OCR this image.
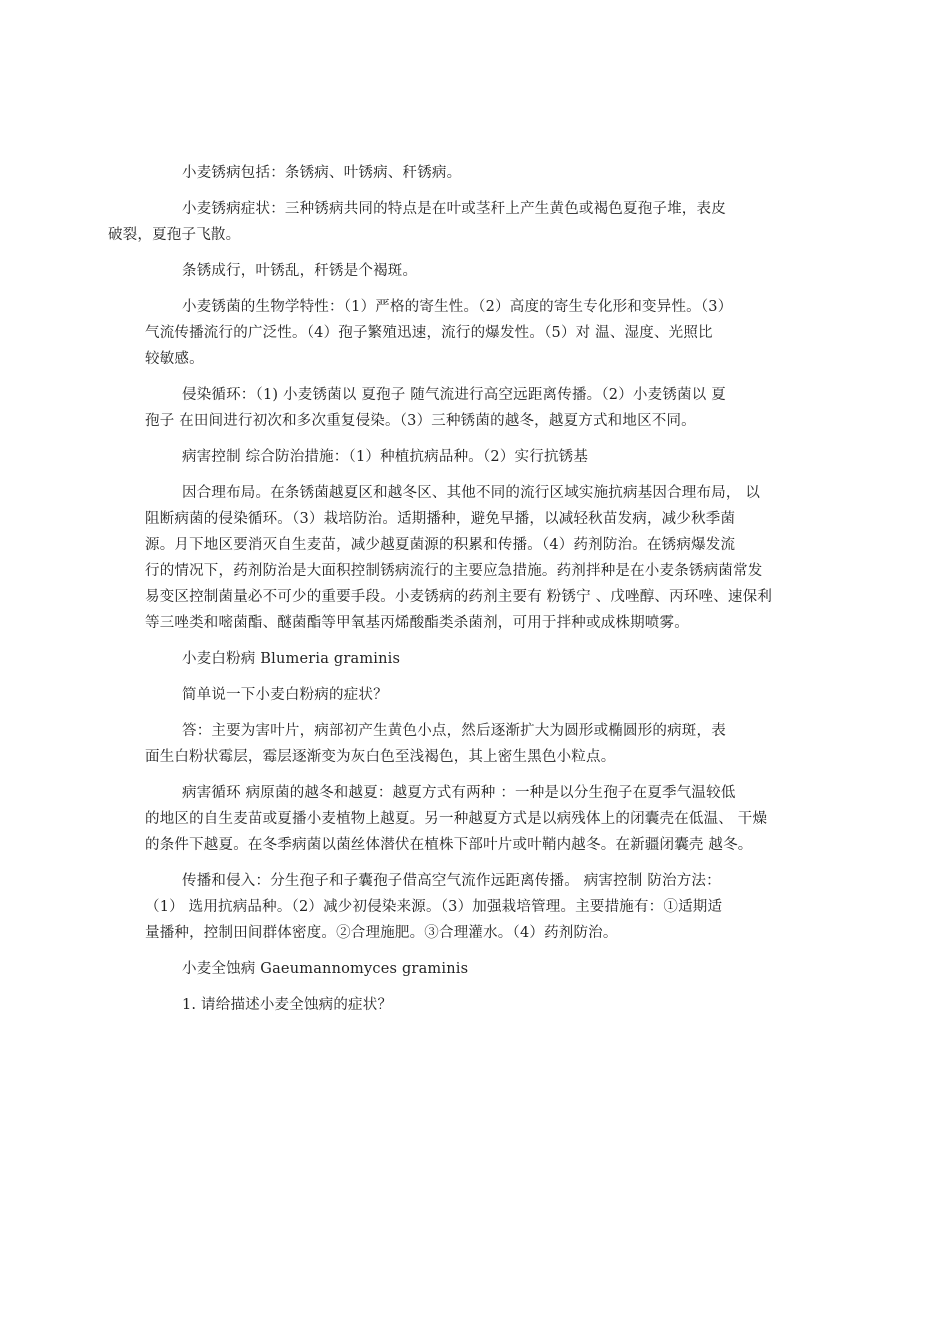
小麦锈病包括：条锈病、叶锈病、秆锈病。
小麦锈病症状：三种锈病共同的特点是在叶或茎秆上产生黄色或褐色夏孢子堆，表皮
破裂，夏孢子飞散。
条锈成行，叶锈乱，秆锈是个褐斑。
小麦锈菌的生物学特性：（1）严格的寄生性。（2）高度的寄生专化形和变异性。（3）
气流传播流行的广泛性。（4）孢子繁殖迅速，流行的爆发性。（5）对 温、湿度、光照比
较敏感。
侵染循环：（1) 小麦锈菌以 夏孢子 随气流进行高空远距离传播。（2）小麦锈菌以 夏
孢子 在田间进行初次和多次重复侵染。（3）三种锈菌的越冬，越夏方式和地区不同。
病害控制 综合防治措施：（1）种植抗病品种。（2）实行抗锈基
因合理布局。在条锈菌越夏区和越冬区、其他不同的流行区域实施抗病基因合理布局， 以
阻断病菌的侵染循环。（3）栽培防治。适期播种，避免早播，以减轻秋苗发病，减少秋季菌
源。月下地区要消灭自生麦苗，减少越夏菌源的积累和传播。（4）药剂防治。在锈病爆发流
行的情况下，药剂防治是大面积控制锈病流行的主要应急措施。药剂拌种是在小麦条锈病菌常发
易变区控制菌量必不可少的重要手段。小麦锈病的药剂主要有 粉锈宁 、戊唑醇、丙环唑、速保利
等三唑类和嘧菌酯、醚菌酯等甲氧基丙烯酸酯类杀菌剂，可用于拌种或成株期喷雾。
小麦白粉病 Blumeria graminis
简单说一下小麦白粉病的症状？
答：主要为害叶片，病部初产生黄色小点，然后逐渐扩大为圆形或椭圆形的病斑，表
面生白粉状霉层，霉层逐渐变为灰白色至浅褐色，其上密生黑色小粒点。
病害循环 病原菌的越冬和越夏：越夏方式有两种 ：一种是以分生孢子在夏季气温较低
的地区的自生麦苗或夏播小麦植物上越夏。另一种越夏方式是以病残体上的闭囊壳在低温、 干燥
的条件下越夏。在冬季病菌以菌丝体潜伏在植株下部叶片或叶鞘内越冬。在新疆闭囊壳 越冬。
传播和侵入：分生孢子和子囊孢子借高空气流作远距离传播。 病害控制 防治方法：
（1） 选用抗病品种。（2）减少初侵染来源。（3）加强栽培管理。主要措施有：①适期适
量播种，控制田间群体密度。②合理施肥。③合理灌水。（4）药剂防治。
小麦全蚀病 Gaeumannomyces graminis
1. 请给描述小麦全蚀病的症状？
